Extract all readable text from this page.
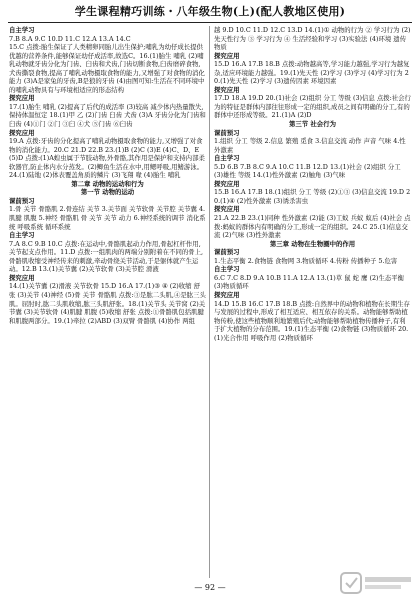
学生课程精巧训练・八年级生物(上)(配人教地区使用)
自主学习
7.B 8.A 9.C 10.D 11.C 12.A 13.A 14.C
15.C 点拨:胎生保证了人类精卵同胎儿出生保护;哺乳为幼仔成长提供优越的营养条件,能够保证幼仔成活率,故选C。16.(1)胎生 哺乳 (2)哺乳动物就牙齿分化为门齿、臼齿和犬齿,门齿切断食物,臼齿磨碎食物,犬齿撕裂食物,提高了哺乳动物摄取食物的能力,又增强了对食物的消化能力 (3)A是家兔的牙齿,B是狼的牙齿 (4)由图可知:生活在不同环境中的哺乳动物具有与环境相适应的形态结构
探究应用
17.(1)胎生 哺乳 (2)提高了后代的成活率 (3)较高 减少体内热量散失,保持体温恒定 18.(1)甲 乙 (2)门齿 臼齿 犬齿 (3)A 牙齿分化为门齿和臼齿 (4)①门 ②门 ③臼 ④犬 ⑤门齿 ⑥臼齿
探究应用
19.A 点拨:牙齿的分化提高了哺乳动物摄取食物的能力,又增强了对食物的消化能力。20.C 21.D 22.B 23.(1)B (2)C (3)E (4)C、D、E (5)D 点拨:(1)A蝗虫属于节肢动物,外骨骼,其作用是保护和支持内部柔软器官,防止体内水分蒸发。(2)鲫鱼生活在水中,用鳃呼吸,用鳍游泳。24.(1)陆地 (2)体表覆盖角质的鳞片 (3)飞翔 喙 (4)胎生 哺乳
第二章 动物的运动和行为
第一节 动物的运动
课前预习
1.骨 关节 骨骼肌 2.骨连结 关节 3.关节面 关节软骨 关节腔 关节囊 4.肌腱 肌腹 5.神经 骨骼肌 骨 关节 关节 动力 6.神经系统的调节 消化系统 呼吸系统 循环系统
自主学习
7.A 8.C 9.B 10.C 点拨:在运动中,骨骼肌起动力作用,骨起杠杆作用,关节起支点作用。11.D 点拨:一组肌肉的两端分别附着在不同的骨上,骨骼肌收缩受神经传来的刺激,牵动骨绕关节活动,于是躯体就产生运动。12.B 13.(1)关节囊 (2)关节软骨 (3)关节腔 滑液
探究应用
14.(1)关节囊 (2)滑液 关节软骨 15.D 16.A 17.(1)③ ④ (2)收缩 舒张 (3)关节 (4)神经 (5)骨 关节 骨骼肌 点拨:③是肱二头肌,④是肱三头肌。屈肘时,肱二头肌收缩,肱三头肌舒张。18.(1)关节头 关节窝 (2)关节囊 (3)关节软骨 (4)肌腱 肌腹 (5)收缩 舒张 点拨:①骨骼肌包括肌腱和肌腹两部分。19.(1)牵拉 (2)ABD (3)双臂 骨骼肌 (4)协作 两组
越 9.D 10.C 11.D 12.C 13.D 14.(1)① 动物的行为 ② 学习行为 (2)先天性行为 ③ 学习行为 ④ 生活经验和学习 (3)实验法 (4)环境 遗传物质
探究应用
15.D 16.A 17.B 18.B 点拨:动物越高等,学习能力越强,学习行为越复杂,适应环境能力越强。19.(1)先天性 (2)学习 (3)学习 (4)学习行为 20.(1)先天性 (2)学习 (3)遗传因素 环境因素
探究应用
17.D 18.A 19.D 20.(1)社会 (2)组织 分工 等级 (3)信息 点拨:社会行为的特征是群体内部往往形成一定的组织,成员之间有明确的分工,有的群体中还形成等级。21.(1)A (2)D
第三节 社会行为
课前预习
1.组织 分工 等级 2.信息 繁殖 觅食 3.信息交流 动作 声音 气味 4.性外激素
自主学习
5.D 6.B 7.B 8.C 9.A 10.C 11.B 12.D 13.(1)社会 (2)组织 分工 (3)雄性 等级 14.(1)性外激素 (2)触角 (3)气味
探究应用
15.B 16.A 17.B 18.(1)组织 分工 等级 (2)①③ (3)信息交流 19.D 20.(1)④ (2)性外激素 (3)诱杀害虫
探究应用
21.A 22.B 23.(1)同种 性外激素 (2)能 (3)工蚁 兵蚁 蚁后 (4)社会 点拨:蚂蚁的群体内有明确的分工,形成一定的组织。24.C 25.(1)信息交流 (2)气味 (3)性外激素
第三章 动物在生物圈中的作用
课前预习
1.生态平衡 2.食物链 食物网 3.物质循环 4.传粉 传播种子 5.危害
自主学习
6.C 7.C 8.D 9.A 10.B 11.A 12.A 13.(1)草 鼠 蛇 鹰 (2)生态平衡 (3)物质循环
探究应用
14.D 15.B 16.C 17.B 18.B 点拨:自然界中的动物和植物在长期生存与发展的过程中,形成了相互适应、相互依存的关系。动物能够帮助植物传粉,使这些植物顺利地繁殖后代;动物能够帮助植物传播种子,有利于扩大植物的分布范围。19.(1)生态平衡 (2)食物链 (3)物质循环 20.(1)光合作用 呼吸作用 (2)物质循环
— 92 —
